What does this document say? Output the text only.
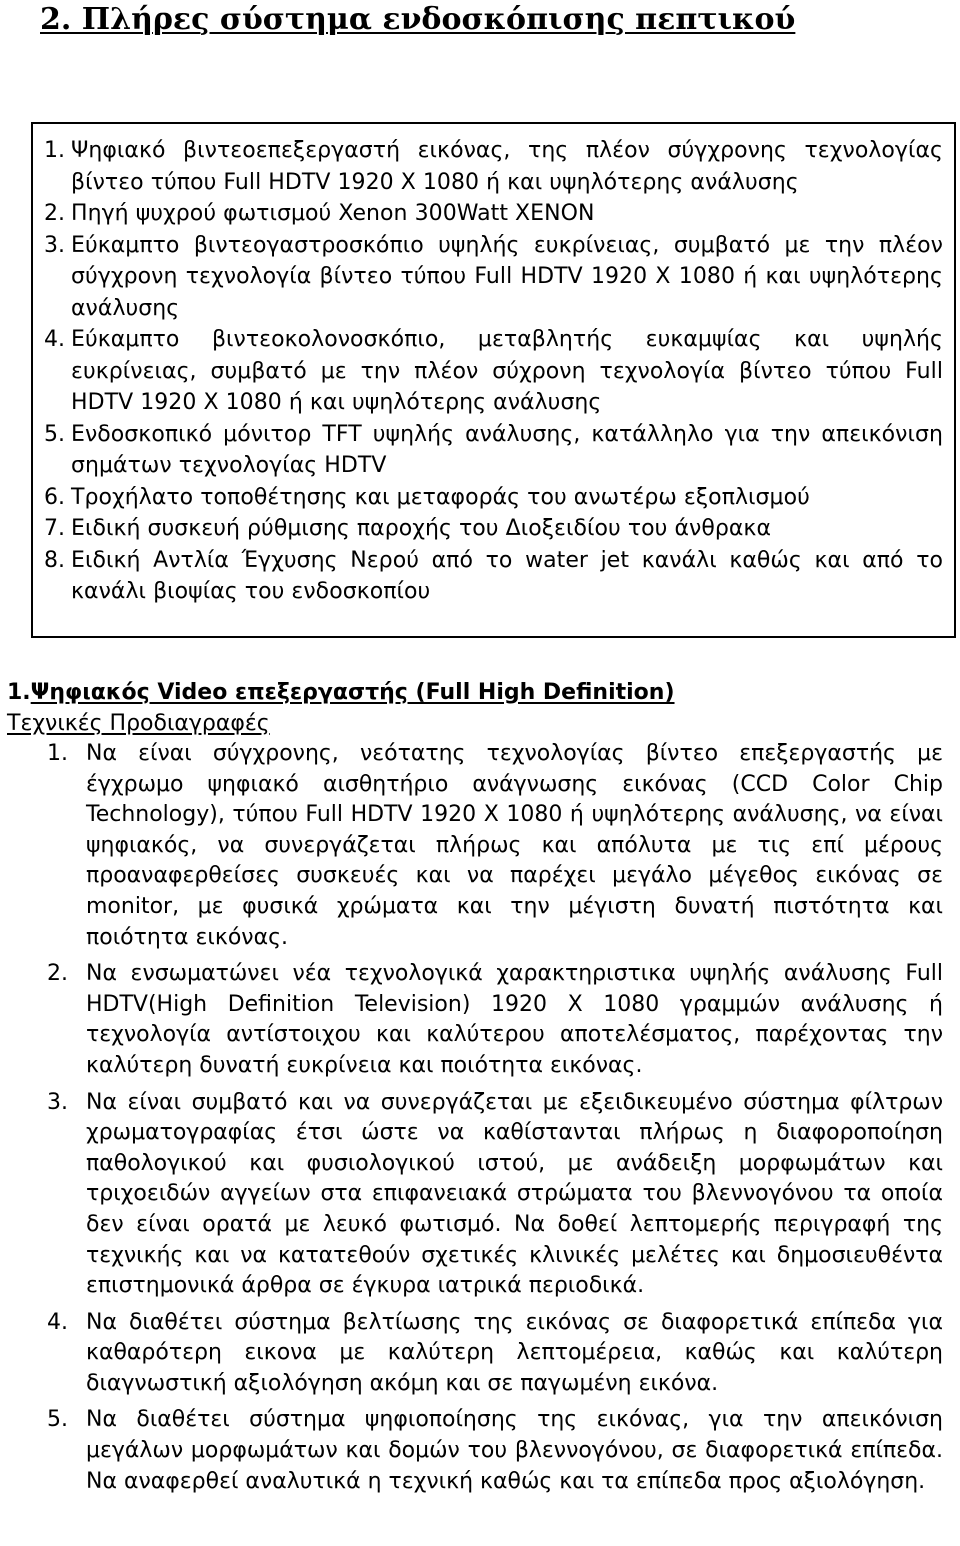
2. Πλήρες σύστημα ενδοσκόπισης πεπτικού
1. Ψηφιακό βιντεοεπεξεργαστή εικόνας, της πλέον σύγχρονης τεχνολογίας βίντεο τύπου Full HDTV 1920 X 1080 ή και υψηλότερης ανάλυσης
2. Πηγή ψυχρού φωτισμού Xenon 300Watt XENON
3. Εύκαμπτο βιντεογαστροσκόπιο υψηλής ευκρίνειας, συμβατό με την πλέον σύγχρονη τεχνολογία βίντεο τύπου Full HDTV 1920 X 1080 ή και υψηλότερης ανάλυσης
4. Εύκαμπτο βιντεοκολονοσκόπιο, μεταβλητής ευκαμψίας και υψηλής ευκρίνειας, συμβατό με την πλέον σύχρονη τεχνολογία βίντεο τύπου Full HDTV 1920 X 1080 ή και υψηλότερης ανάλυσης
5. Ενδοσκοπικό μόνιτορ TFT υψηλής ανάλυσης, κατάλληλο για την απεικόνιση σημάτων τεχνολογίας HDTV
6. Τροχήλατο τοποθέτησης και μεταφοράς του ανωτέρω εξοπλισμού
7. Ειδική συσκευή ρύθμισης παροχής του Διοξειδίου του άνθρακα
8. Ειδική Αντλία Έγχυσης Νερού από το water jet κανάλι καθώς και από το κανάλι βιοψίας του ενδοσκοπίου
1.Ψηφιακός Video επεξεργαστής (Full High Definition)

Τεχνικές Προδιαγραφές

1. Να είναι σύγχρονης, νεότατης τεχνολογίας βίντεο επεξεργαστής με έγχρωμο ψηφιακό αισθητήριο ανάγνωσης εικόνας (CCD Color Chip Technology), τύπου Full HDTV 1920 X 1080 ή υψηλότερης ανάλυσης, να είναι ψηφιακός, να συνεργάζεται πλήρως και απόλυτα με τις επί μέρους προαναφερθείσες συσκευές και να παρέχει μεγάλο μέγεθος εικόνας σε monitor, με φυσικά χρώματα και την μέγιστη δυνατή πιστότητα και ποιότητα εικόνας.
2. Να ενσωματώνει νέα τεχνολογικά χαρακτηριστικα υψηλής ανάλυσης Full HDTV(High Definition Television) 1920 X 1080 γραμμών ανάλυσης ή τεχνολογία αντίστοιχου και καλύτερου αποτελέσματος, παρέχοντας την καλύτερη δυνατή ευκρίνεια και ποιότητα εικόνας.
3. Να είναι συμβατό και να συνεργάζεται με εξειδικευμένο σύστημα φίλτρων χρωματογραφίας έτσι ώστε να καθίστανται πλήρως η διαφοροποίηση παθολογικού και φυσιολογικού ιστού, με ανάδειξη μορφωμάτων και τριχοειδών αγγείων στα επιφανειακά στρώματα του βλεννογόνου τα οποία δεν είναι ορατά με λευκό φωτισμό. Να δοθεί λεπτομερής περιγραφή της τεχνικής και να κατατεθούν σχετικές κλινικές μελέτες και δημοσιευθέντα επιστημονικά άρθρα σε έγκυρα ιατρικά περιοδικά.
4. Να διαθέτει σύστημα βελτίωσης της εικόνας σε διαφορετικά επίπεδα για καθαρότερη εικονα με καλύτερη λεπτομέρεια, καθώς και καλύτερη διαγνωστική αξιολόγηση ακόμη και σε παγωμένη εικόνα.
5. Να διαθέτει σύστημα ψηφιοποίησης της εικόνας, για την απεικόνιση μεγάλων μορφωμάτων και δομών του βλεννογόνου, σε διαφορετικά επίπεδα. Να αναφερθεί αναλυτικά η τεχνική καθώς και τα επίπεδα προς αξιολόγηση.
